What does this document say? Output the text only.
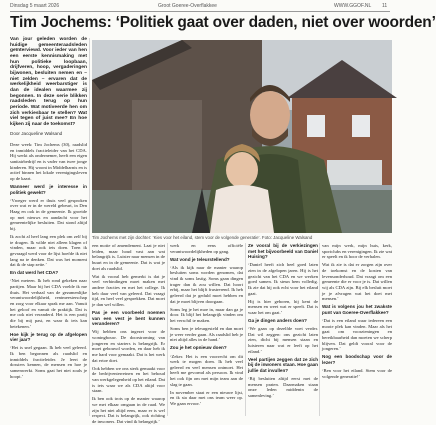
Dinsdag 5 maart 2026	Groot Goeree-Overflakkee	WWW.GGOF.NL 11
Tim Jochems: ‘Politiek gaat over daden, niet over woorden’

Van jour geleden worden de huidige gemeenteraadsleden geïnterviewd. Voor ieder van hen een eerste kennismaking met hun politieke loopbaan, drijfveren, hoop, vergaderingen bijwonen, besluiten nemen en – niet zelden – ervaren dat de werkelijkheid weerbarstiger is dan de idealen waarmee zij begonnen. In deze serie blikken raadsleden terug op hun periode. Wat motiveerde hen om zich verkiesbaar te stellen? Wat viel tegen of juist mee? En hoe kijken zij naar de toekomst?

Door Jacqueline Walsand

Deze week: Tim Jochems (30), raadslid en inmiddels fractieleider van het CDA. Hij werkt als ondernemer, heeft een eigen sanitairbedrijf en is vader van twee jonge kinderen. Hij woont in Middelharnis en is actief binnen het lokale verenigingsleven op de kaart.

Wanneer werd je interesse in politiek gewekt?

‘Vroeger werd er thuis veel gesproken over wat er in de wereld gebeurt, in Den Haag en ook in de gemeente. Ik groeide op met nieuws en aandacht voor het gemeentelijke besluiten. Dat stond altijd bij.

Ik zocht al heel lang een plek om zelf bij te dragen. Ik wilde niet alleen klagen of vinden, maar ook iets doen. Toen ik gevraagd werd voor de lijst hoefde ik niet lang na te denken. Dat was het moment dat ik de stap zette.’

En dat werd het CDA?

‘Niet meteen. Ik heb rond gekeken naar partijen. Maar bij het CDA voelde ik me thuis. Het verhaal van de gezamenlijke verantwoordelijkheid, rentmeesterschap en zorg voor elkaar sprak me aan. Vanuit het geloof en vanuit de praktijk. Dat is me ook niet veranderd. Het is een partij die bij mij past, en waar ik iets kan betekenen.’

Hoe kijk je terug op de afgelopen vier jaar?

‘Het is snel gegaan. Ik heb veel geleerd. Ik ben begonnen als raadslid en inmiddels fractieleider. Je leert de dossiers kennen, de mensen en hoe je samenwerkt. Soms gaat het niet zoals je hoopt.’

Tim Jochems met zijn dochter: ‘Kies voor het eiland, stem voor de volgende generatie’. Foto: Jacqueline Walsand

een motie of amendement. Laat je niet leiden, maar houd vast aan wat belangrijk is. Luister naar mensen in de buurt en in de gemeente. Dat is wat je doet als raadslid.

Wat ik vooral heb gemerkt is dat je veel verbindingen moet maken met andere fracties en met het college. Ik heb daar veel van geleerd. Dat vraagt tijd, en heel veel gesprekken. Dat moet je dan wel willen.

Pas je een voorbeeld noemen van een vest je bent kunnen veranderen?

Wij hebben ons ingezet voor de woningbouw. De doorstroming van jongeren en starters is belangrijk. Er moet gebouwd worden, en daar heb ik me hard voor gemaakt. Dat is het werk dat ertoe doet.

Ook hebben we ons sterk gemaakt voor de bedrijventerreinen en het behoud van werkgelegenheid op het eiland. Dat is iets waar we als CDA altijd voor staan.

Ik ben ook trots op de manier waarop we met elkaar omgaan in de raad. We zijn het niet altijd eens, maar er is wel respect. Dat is belangrijk, ook richting de inwoners. Dat vind ik belangrijk.’

werk en eens officiële verantwoordelijkheden op gang.

Wat vond je teleurstellend?

‘Als ik kijk naar de manier waarop besluiten soms worden genomen, dat vind ik soms lastig. Soms gaan dingen trager dan ik zou willen. Dat hoort erbij, maar het blijft frustrerend. Ik heb geleerd dat je geduld moet hebben en dat je moet blijven doorgaan.

Soms leg je het moe in, maar dan ga je door. Ik blijf het belangrijk vinden om het verschil te maken.

Soms ben je teleurgesteld en dan moet je weer verder gaan. Als raadslid heb je niet altijd alles in de hand.’

Zou je het opnieuw doen?

‘Zeker. Het is een voorrecht om dit werk te mogen doen. Ik heb veel geleerd en veel mensen ontmoet. Het heeft me gevormd als persoon. Ik vind het ook fijn om met mijn team aan de slag te gaan.

In november staat er een nieuwe lijst, en ik sta daar met ons team weer op. We gaan ervoor.’

Ze vooral bij de verkiezingen met het bijvoorbeeld van Daniel Huising?

‘Daniel heeft zich heel goed laten zien in de afgelopen jaren. Hij is het gezicht van het CDA en we werken goed samen. Ik steun hem volledig. Ik zie dat hij ook echt voor het eiland gaat.

Hij is hier geboren, hij kent de mensen en weet wat er speelt. Dat is waar het om gaat.’

Ga je dingen anders doen?

‘We gaan op dezelfde voet verder. Dat wil zeggen: ons gezicht laten zien, dicht bij mensen staan en luisteren naar wat er leeft op het eiland.’

Veel partijen zeggen dat ze zich bij de inwoners staan. Hoe gaan jullie dat invullen?

‘Bij besluiten altijd eerst met de mensen praten. Daarmaken staan onze leden middenin de samenleving.’

van mijn werk, mijn huis, kerk, sportclubs en verenigingen. Ik zie wat er speelt en ik hoor de verhalen.

Wat ik zie is dat er zorgen zijn over de toekomst en de kosten van levensonderhoud. Dat vraagt om een gemeente die er voor je is. Dat willen wij als CDA zijn. Bij elk besluit moet je je afvragen wat het doet met mensen.’

Wat is volgens jou het zwakste punt van Goeree-Overflakkee?

‘Dat is een eiland waar iedereen een mooie plek kan vinden. Maar als het gaat om voorzieningen en bereikbaarheid dan moeten we scherp blijven. Dat geldt vooral voor de jongeren.’

Nog een boodschap voor de lezer?

‘Ben voor het eiland. Stem voor de volgende generatie!’
